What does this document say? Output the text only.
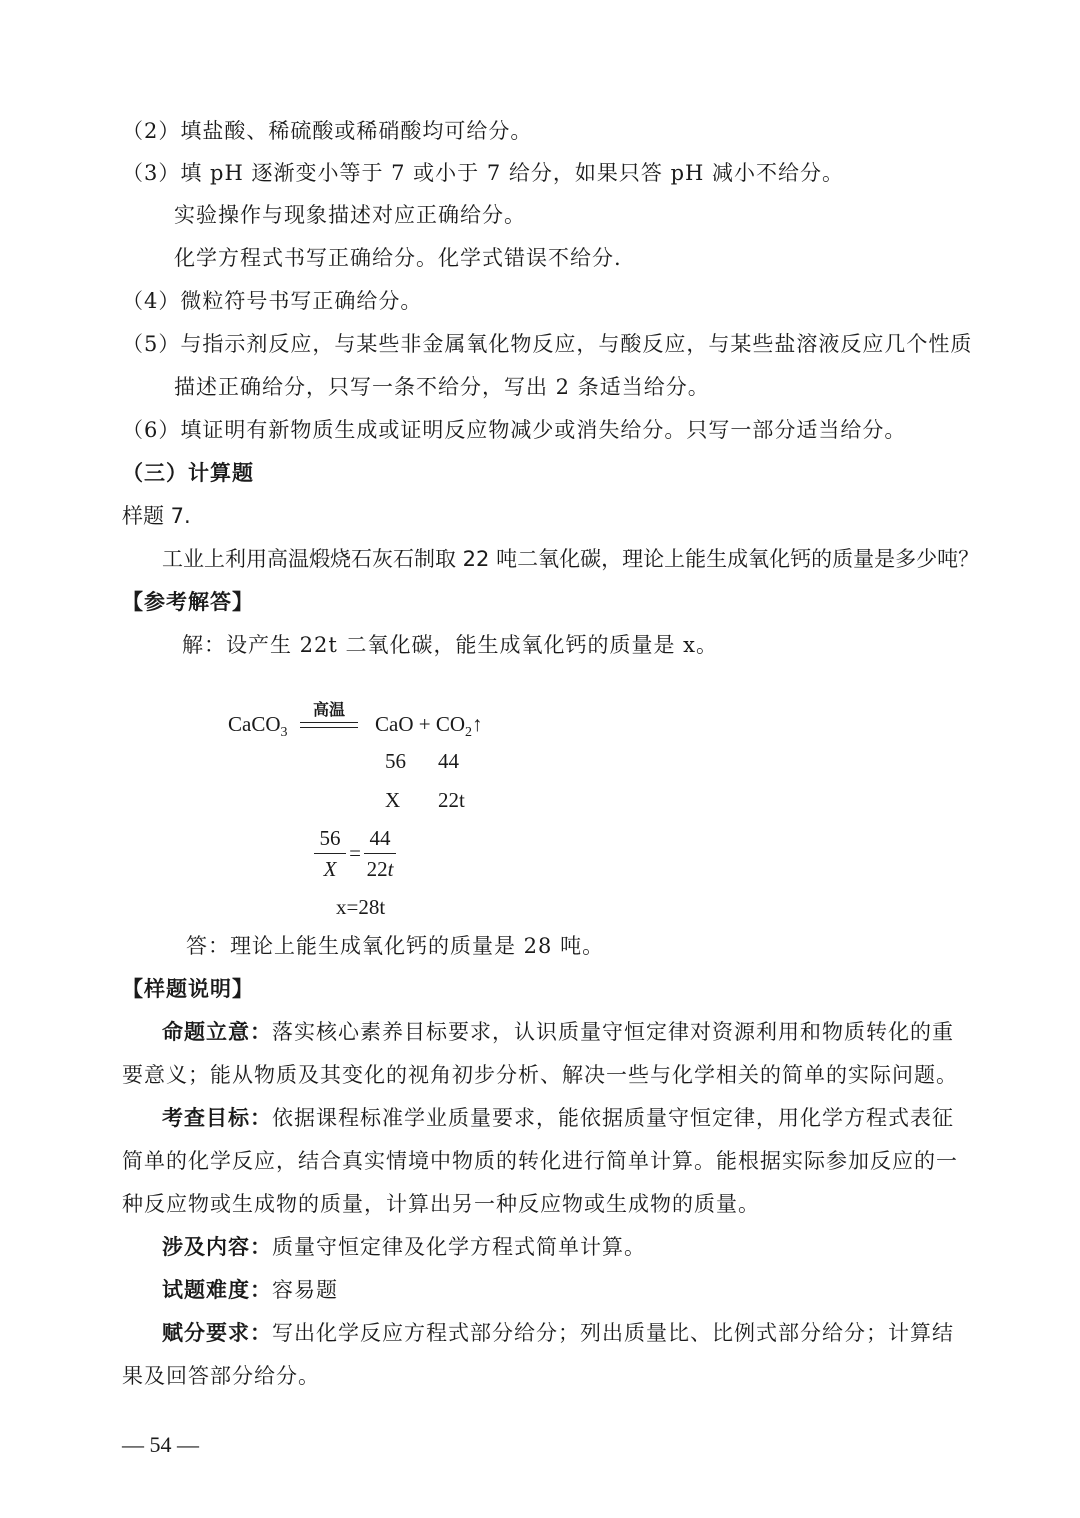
（2）填盐酸、稀硫酸或稀硝酸均可给分。
（3）填 pH 逐渐变小等于 7 或小于 7 给分，如果只答 pH 减小不给分。
实验操作与现象描述对应正确给分。
化学方程式书写正确给分。化学式错误不给分.
（4）微粒符号书写正确给分。
（5）与指示剂反应，与某些非金属氧化物反应，与酸反应，与某些盐溶液反应几个性质
描述正确给分，只写一条不给分，写出 2 条适当给分。
（6）填证明有新物质生成或证明反应物减少或消失给分。只写一部分适当给分。
（三）计算题
样题 7.
工业上利用高温煅烧石灰石制取 22 吨二氧化碳，理论上能生成氧化钙的质量是多少吨？
【参考解答】
解：设产生 22t 二氧化碳，能生成氧化钙的质量是 x。
CaCO$_3$
高温
CaO + $CO_2↑$
56 44
X 22t
56
X
=
44
22t
x=28t
答：理论上能生成氧化钙的质量是 28 吨。
【样题说明】
命题立意：落实核心素养目标要求，认识质量守恒定律对资源利用和物质转化的重
要意义；能从物质及其变化的视角初步分析、解决一些与化学相关的简单的实际问题。
考查目标：依据课程标准学业质量要求，能依据质量守恒定律，用化学方程式表征
简单的化学反应，结合真实情境中物质的转化进行简单计算。能根据实际参加反应的一
种反应物或生成物的质量，计算出另一种反应物或生成物的质量。
涉及内容：质量守恒定律及化学方程式简单计算。
试题难度：容易题
赋分要求：写出化学反应方程式部分给分；列出质量比、比例式部分给分；计算结
果及回答部分给分。
— 54 —
